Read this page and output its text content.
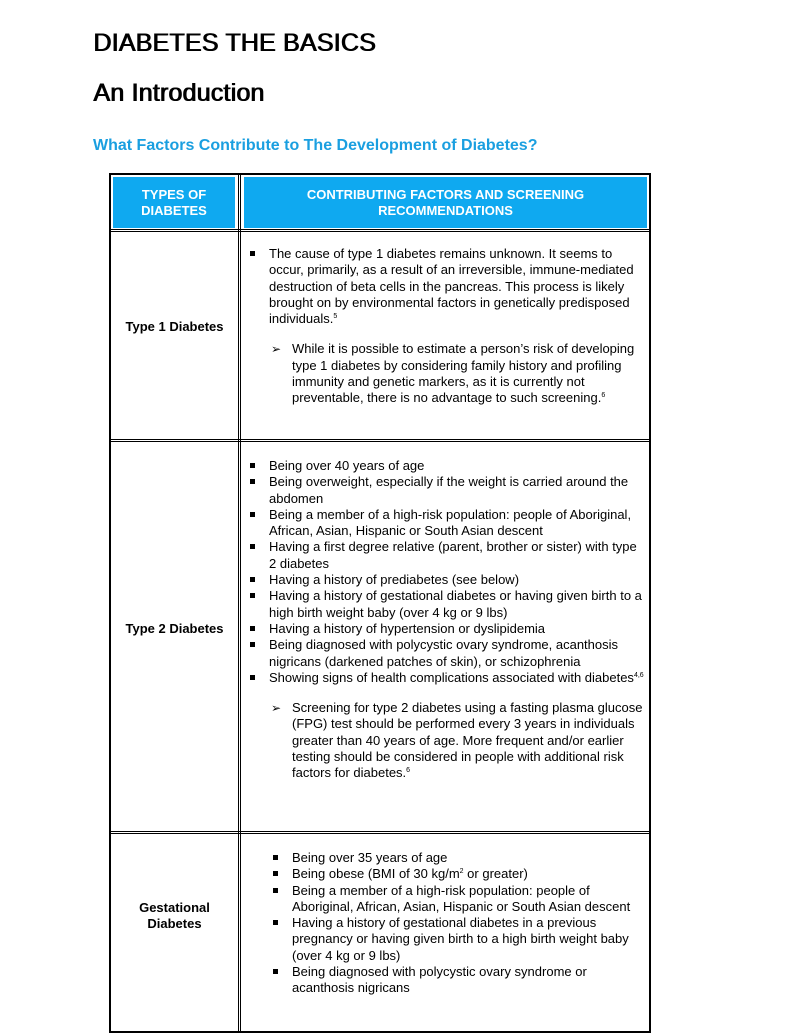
DIABETES THE BASICS
An Introduction
What Factors Contribute to The Development of Diabetes?
TYPES OF
DIABETES
CONTRIBUTING FACTORS AND SCREENING
RECOMMENDATIONS
Type 1 Diabetes
The cause of type 1 diabetes remains unknown. It seems to occur, primarily, as a result of an irreversible, immune-mediated destruction of beta cells in the pancreas. This process is likely brought on by environmental factors in genetically predisposed individuals.$^5$
➢ While it is possible to estimate a person’s risk of developing type 1 diabetes by considering family history and profiling immunity and genetic markers, as it is currently not preventable, there is no advantage to such screening.$^6$
Type 2 Diabetes
Being over 40 years of age
Being overweight, especially if the weight is carried around the abdomen
Being a member of a high-risk population: people of Aboriginal, African, Asian, Hispanic or South Asian descent
Having a first degree relative (parent, brother or sister) with type 2 diabetes
Having a history of prediabetes (see below)
Having a history of gestational diabetes or having given birth to a high birth weight baby (over 4 kg or 9 lbs)
Having a history of hypertension or dyslipidemia
Being diagnosed with polycystic ovary syndrome, acanthosis nigricans (darkened patches of skin), or schizophrenia
Showing signs of health complications associated with diabetes$^{4,6}$
➢ Screening for type 2 diabetes using a fasting plasma glucose (FPG) test should be performed every 3 years in individuals greater than 40 years of age. More frequent and/or earlier testing should be considered in people with additional risk factors for diabetes.$^6$
Gestational
Diabetes
Being over 35 years of age
Being obese (BMI of 30 $kg/m^2$ or greater)
Being a member of a high-risk population: people of Aboriginal, African, Asian, Hispanic or South Asian descent
Having a history of gestational diabetes in a previous pregnancy or having given birth to a high birth weight baby (over 4 kg or 9 lbs)
Being diagnosed with polycystic ovary syndrome or acanthosis nigricans
